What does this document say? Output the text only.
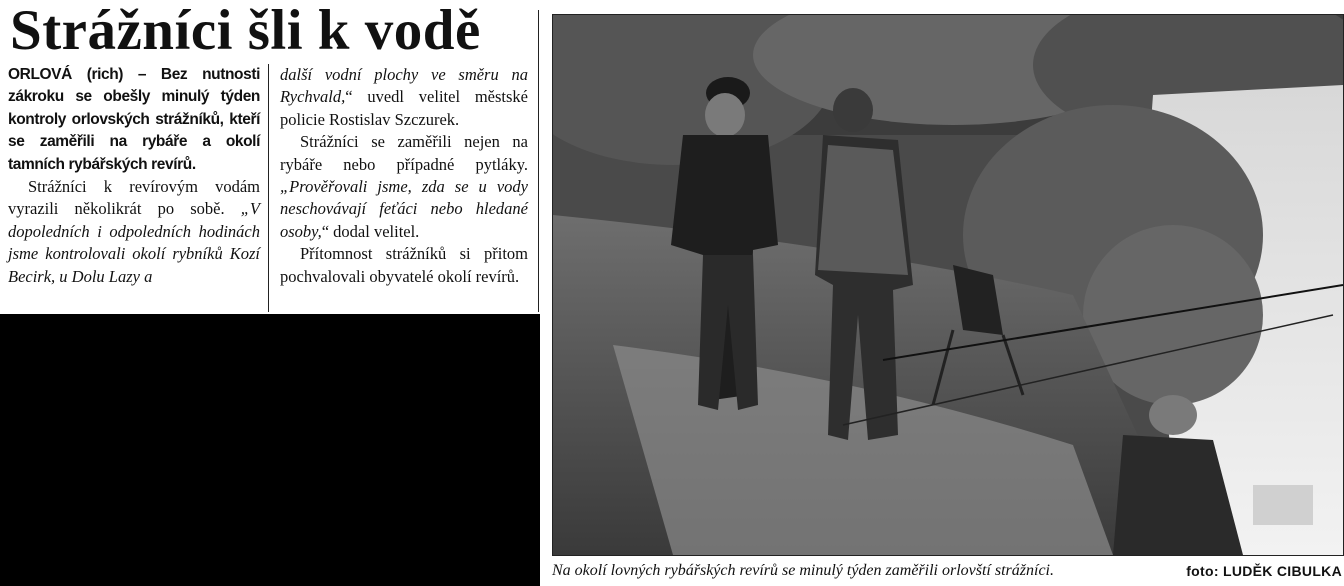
Strážníci šli k vodě

ORLOVÁ (rich) – Bez nutnosti zákroku se obešly minulý týden kontroly orlovských strážníků, kteří se zaměřili na rybáře a okolí tamních rybářských revírů.

Strážníci k revírovým vodám vyrazili několikrát po sobě. „V dopoledních i odpoledních hodinách jsme kontrolovali okolí rybníků Kozí Becirk, u Dolu Lazy a

další vodní plochy ve směru na Rychvald,“ uvedl velitel městské policie Rostislav Szczurek.

Strážníci se zaměřili nejen na rybáře nebo případné pytláky. „Prověřovali jsme, zda se u vody neschovávají feťáci nebo hledané osoby,“ dodal velitel.

Přítomnost strážníků si přitom pochvalovali obyvatelé okolí revírů.

Na okolí lovných rybářských revírů se minulý týden zaměřili orlovští strážníci.	foto: LUDĚK CIBULKA
